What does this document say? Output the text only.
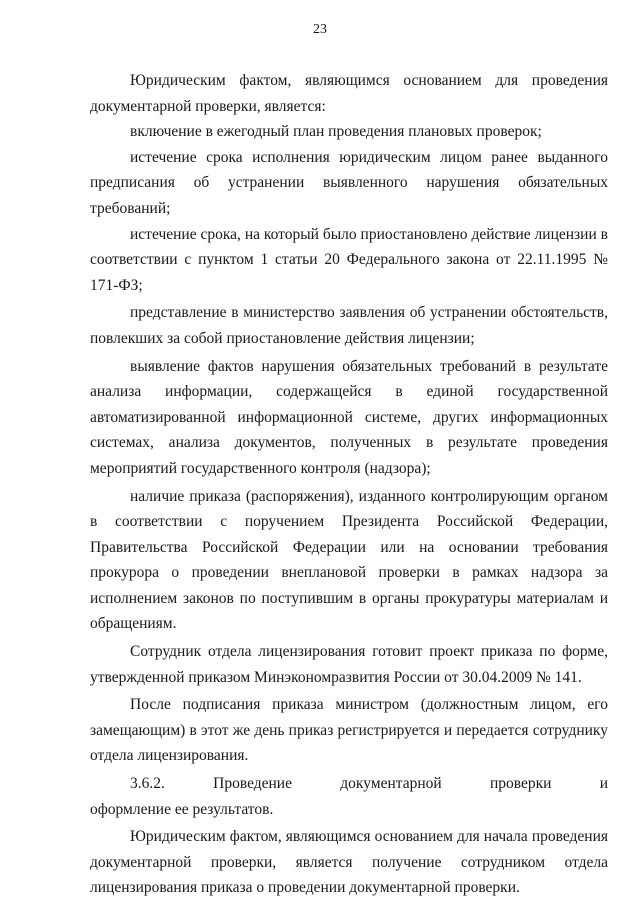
23

Юридическим фактом, являющимся основанием для проведения документарной проверки, является:

включение в ежегодный план проведения плановых проверок;

истечение срока исполнения юридическим лицом ранее выданного предписания об устранении выявленного нарушения обязательных требований;

истечение срока, на который было приостановлено действие лицензии в соответствии с пунктом 1 статьи 20 Федерального закона от 22.11.1995 № 171-ФЗ;

представление в министерство заявления об устранении обстоятельств, повлекших за собой приостановление действия лицензии;

выявление фактов нарушения обязательных требований в результате анализа информации, содержащейся в единой государственной автоматизированной информационной системе, других информационных системах, анализа документов, полученных в результате проведения мероприятий государственного контроля (надзора);

наличие приказа (распоряжения), изданного контролирующим органом в соответствии с поручением Президента Российской Федерации, Правительства Российской Федерации или на основании требования прокурора о проведении внеплановой проверки в рамках надзора за исполнением законов по поступившим в органы прокуратуры материалам и обращениям.

Сотрудник отдела лицензирования готовит проект приказа по форме, утвержденной приказом Минэкономразвития России от 30.04.2009 № 141.

После подписания приказа министром (должностным лицом, его замещающим) в этот же день приказ регистрируется и передается сотруднику отдела лицензирования.

3.6.2.      Проведение      документарной      проверки      и      оформление ее результатов.

Юридическим фактом, являющимся основанием для начала проведения документарной проверки, является получение сотрудником отдела лицензирования приказа о проведении документарной проверки.
